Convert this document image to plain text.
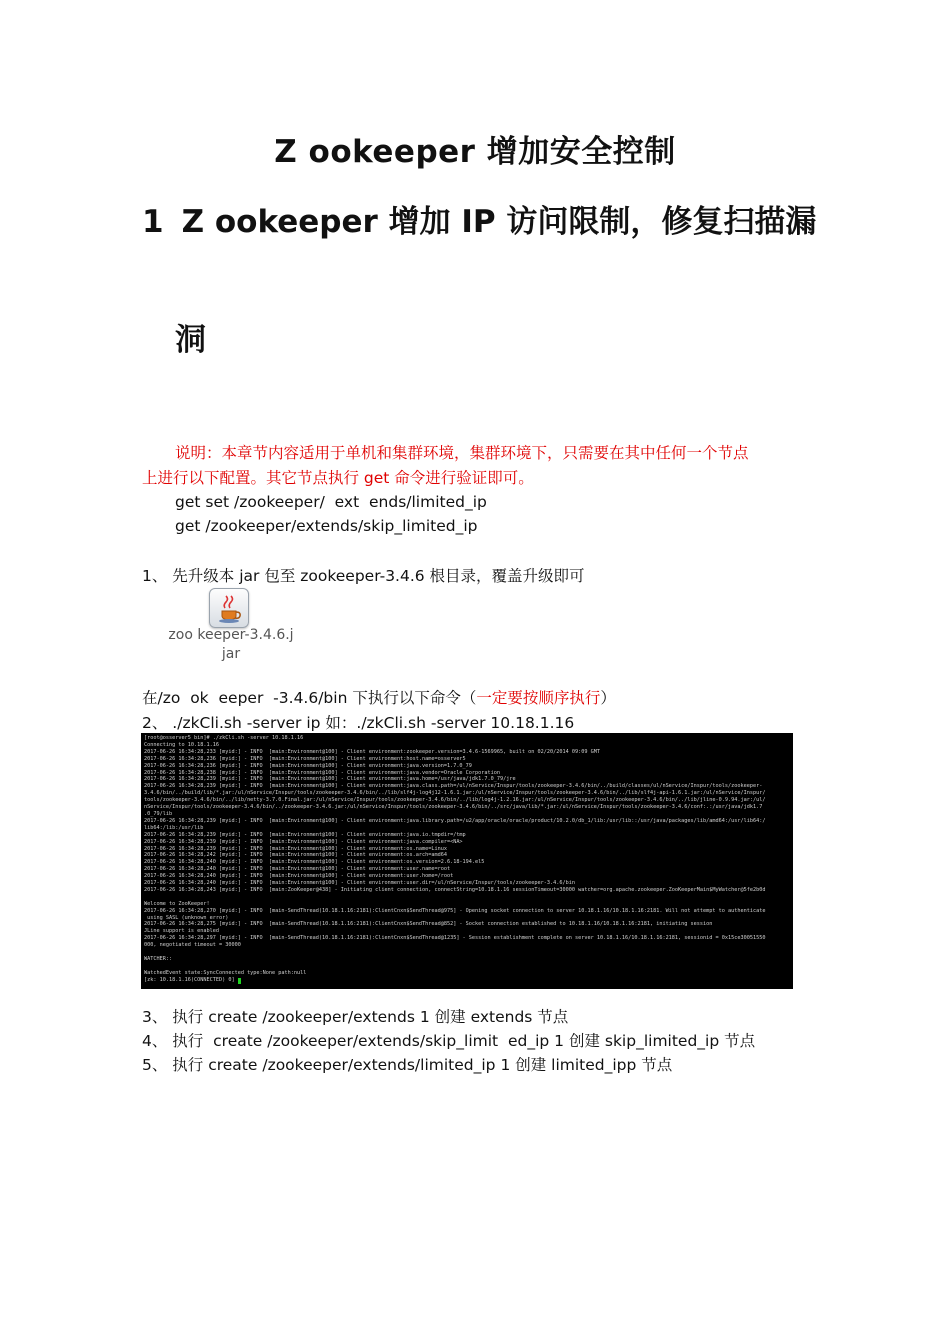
Z ookeeper 增加安全控制
1 Z ookeeper 增加 IP 访问限制，修复扫描漏
洞
说明：本章节内容适用于单机和集群环境，集群环境下，只需要在其中任何一个节点
上进行以下配置。其它节点执行 get 命令进行验证即可。
get set /zookeeper/  ext  ends/limited_ip
get /zookeeper/extends/skip_limited_ip
1、 先升级本 jar 包至 zookeeper-3.4.6 根目录，覆盖升级即可
zoo keeper-3.4.6.j
jar
在/zo  ok  eeper  -3.4.6/bin 下执行以下命令（一定要按顺序执行）
2、 ./zkCli.sh -server ip 如：./zkCli.sh -server 10.18.1.16
[root@osserver5 bin]# ./zkCli.sh -server 10.18.1.16
Connecting to 10.18.1.16
2017-06-26 16:34:28,233 [myid:] - INFO  [main:Environment@100] - Client environment:zookeeper.version=3.4.6-1569965, built on 02/20/2014 09:09 GMT
2017-06-26 16:34:28,236 [myid:] - INFO  [main:Environment@100] - Client environment:host.name=osserver5
2017-06-26 16:34:28,236 [myid:] - INFO  [main:Environment@100] - Client environment:java.version=1.7.0_79
2017-06-26 16:34:28,238 [myid:] - INFO  [main:Environment@100] - Client environment:java.vendor=Oracle Corporation
2017-06-26 16:34:28,239 [myid:] - INFO  [main:Environment@100] - Client environment:java.home=/usr/java/jdk1.7.0_79/jre
2017-06-26 16:34:28,239 [myid:] - INFO  [main:Environment@100] - Client environment:java.class.path=/ul/nService/Inspur/tools/zookeeper-3.4.6/bin/../build/classes/ul/nService/Inspur/tools/zookeeper-
3.4.6/bin/../build/lib/*.jar:/ul/nService/Inspur/tools/zookeeper-3.4.6/bin/../lib/slf4j-log4j12-1.6.1.jar:/ul/nService/Inspur/tools/zookeeper-3.4.6/bin/../lib/slf4j-api-1.6.1.jar:/ul/nService/Inspur/
tools/zookeeper-3.4.6/bin/../lib/netty-3.7.0.Final.jar:/ul/nService/Inspur/tools/zookeeper-3.4.6/bin/../lib/log4j-1.2.16.jar:/ul/nService/Inspur/tools/zookeeper-3.4.6/bin/../lib/jline-0.9.94.jar:/ul/
nService/Inspur/tools/zookeeper-3.4.6/bin/../zookeeper-3.4.6.jar:/ul/nService/Inspur/tools/zookeeper-3.4.6/bin/../src/java/lib/*.jar:/ul/nService/Inspur/tools/zookeeper-3.4.6/conf:.:/usr/java/jdk1.7
.0_79/lib
2017-06-26 16:34:28,239 [myid:] - INFO  [main:Environment@100] - Client environment:java.library.path=/u2/app/oracle/oracle/product/10.2.0/db_1/lib:/usr/lib::/usr/java/packages/lib/amd64:/usr/lib64:/
lib64:/lib:/usr/lib
2017-06-26 16:34:28,239 [myid:] - INFO  [main:Environment@100] - Client environment:java.io.tmpdir=/tmp
2017-06-26 16:34:28,239 [myid:] - INFO  [main:Environment@100] - Client environment:java.compiler=<NA>
2017-06-26 16:34:28,239 [myid:] - INFO  [main:Environment@100] - Client environment:os.name=Linux
2017-06-26 16:34:28,242 [myid:] - INFO  [main:Environment@100] - Client environment:os.arch=amd64
2017-06-26 16:34:28,240 [myid:] - INFO  [main:Environment@100] - Client environment:os.version=2.6.18-194.el5
2017-06-26 16:34:28,240 [myid:] - INFO  [main:Environment@100] - Client environment:user.name=root
2017-06-26 16:34:28,240 [myid:] - INFO  [main:Environment@100] - Client environment:user.home=/root
2017-06-26 16:34:28,240 [myid:] - INFO  [main:Environment@100] - Client environment:user.dir=/ul/nService/Inspur/tools/zookeeper-3.4.6/bin
2017-06-26 16:34:28,243 [myid:] - INFO  [main:ZooKeeper@438] - Initiating client connection, connectString=10.18.1.16 sessionTimeout=30000 watcher=org.apache.zookeeper.ZooKeeperMain$MyWatcher@5fe2b0d

Welcome to ZooKeeper!
2017-06-26 16:34:28,270 [myid:] - INFO  [main-SendThread(10.18.1.16:2181):ClientCnxn$SendThread@975] - Opening socket connection to server 10.18.1.16/10.18.1.16:2181. Will not attempt to authenticate
using SASL (unknown error)
2017-06-26 16:34:28,275 [myid:] - INFO  [main-SendThread(10.18.1.16:2181):ClientCnxn$SendThread@852] - Socket connection established to 10.18.1.16/10.18.1.16:2181, initiating session
JLine support is enabled
2017-06-26 16:34:28,297 [myid:] - INFO  [main-SendThread(10.18.1.16:2181):ClientCnxn$SendThread@1235] - Session establishment complete on server 10.18.1.16/10.18.1.16:2181, sessionid = 0x15ce30051550
000, negotiated timeout = 30000

WATCHER::

WatchedEvent state:SyncConnected type:None path:null
[zk: 10.18.1.16(CONNECTED) 0]
3、 执行 create /zookeeper/extends 1 创建 extends 节点
4、 执行  create /zookeeper/extends/skip_limit  ed_ip 1 创建 skip_limited_ip 节点
5、 执行 create /zookeeper/extends/limited_ip 1 创建 limited_ipp 节点
